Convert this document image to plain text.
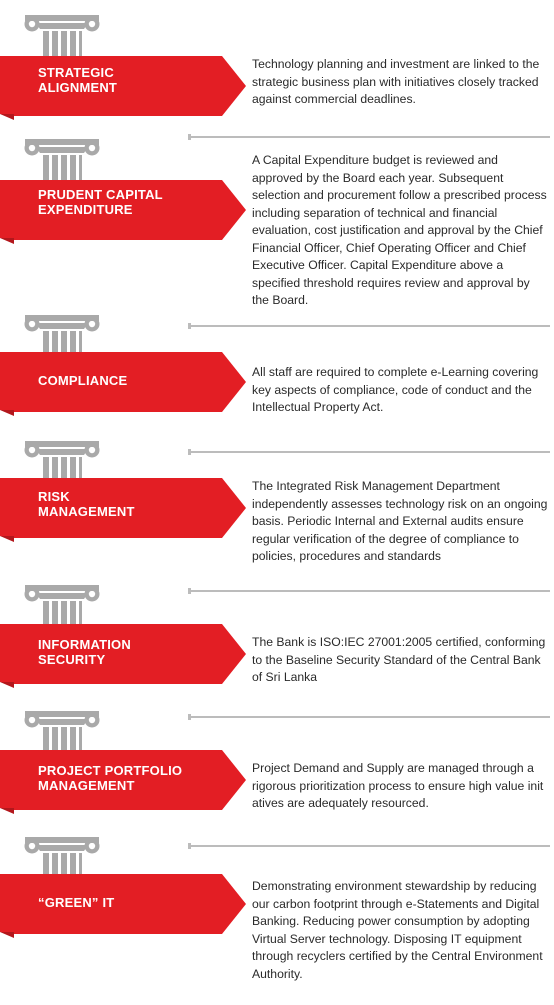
STRATEGIC
ALIGNMENT
Technology planning and investment are linked to the strategic business plan with initiatives closely tracked against commercial deadlines.
PRUDENT CAPITAL
EXPENDITURE
A Capital Expenditure budget is reviewed and approved by the Board each year. Subsequent selection and procurement follow a prescribed process including separation of technical and financial evaluation, cost justification and approval by the Chief Financial Officer, Chief Operating Officer and Chief Executive Officer. Capital Expenditure above a specified threshold requires review and approval by the Board.
COMPLIANCE
All staff are required to complete e-Learning covering key aspects of compliance, code of conduct and the Intellectual Property Act.
RISK
MANAGEMENT
The Integrated Risk Management Department independently assesses technology risk on an ongoing basis. Periodic Internal and External audits ensure regular verification of the degree of compliance to policies, procedures and standards
INFORMATION
SECURITY
The Bank is ISO:IEC 27001:2005 certified, conforming to the Baseline Security Standard of the Central Bank of Sri Lanka
PROJECT PORTFOLIO
MANAGEMENT
Project Demand and Supply are managed through a rigorous prioritization process to ensure high value init atives are adequately resourced.
“GREEN” IT
Demonstrating environment stewardship by reducing our carbon footprint through e-Statements and Digital Banking. Reducing power consumption by adopting Virtual Server technology. Disposing IT equipment through recyclers certified by the Central Environment Authority.
